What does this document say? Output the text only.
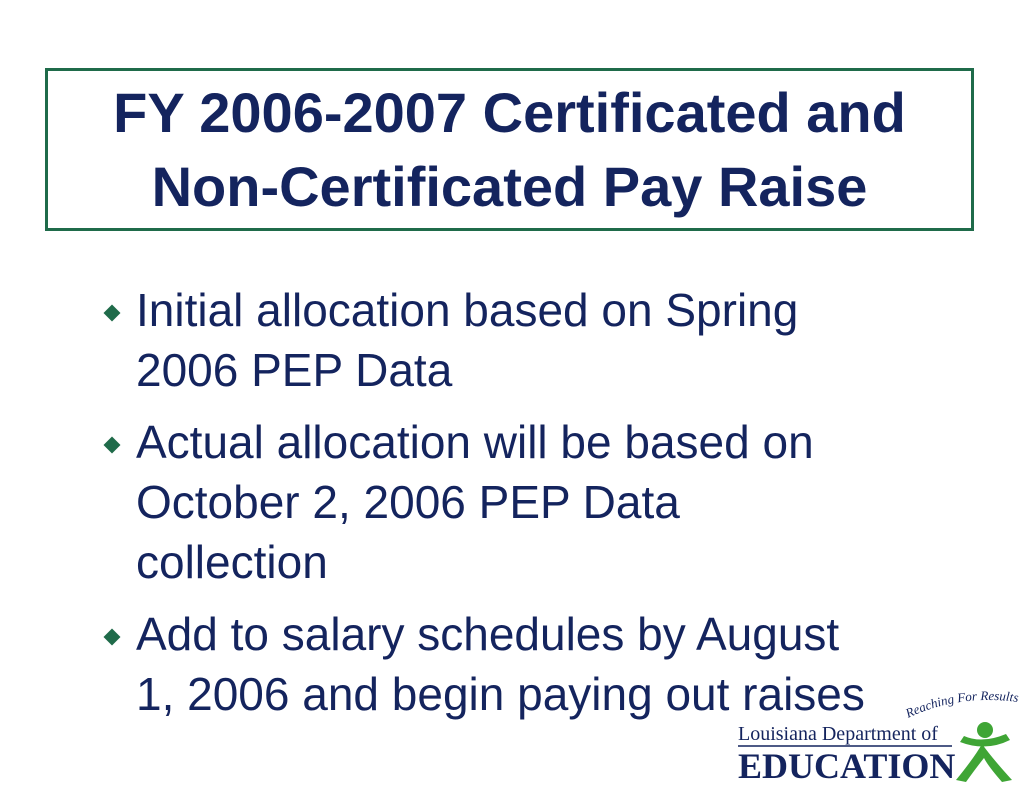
FY 2006-2007 Certificated and
Non-Certificated Pay Raise
Initial allocation based on Spring
2006 PEP Data
Actual allocation will be based on
October 2, 2006 PEP Data
collection
Add to salary schedules by August
1, 2006 and begin paying out raises	Reaching For Results
Louisiana Department of
EDUCATION
